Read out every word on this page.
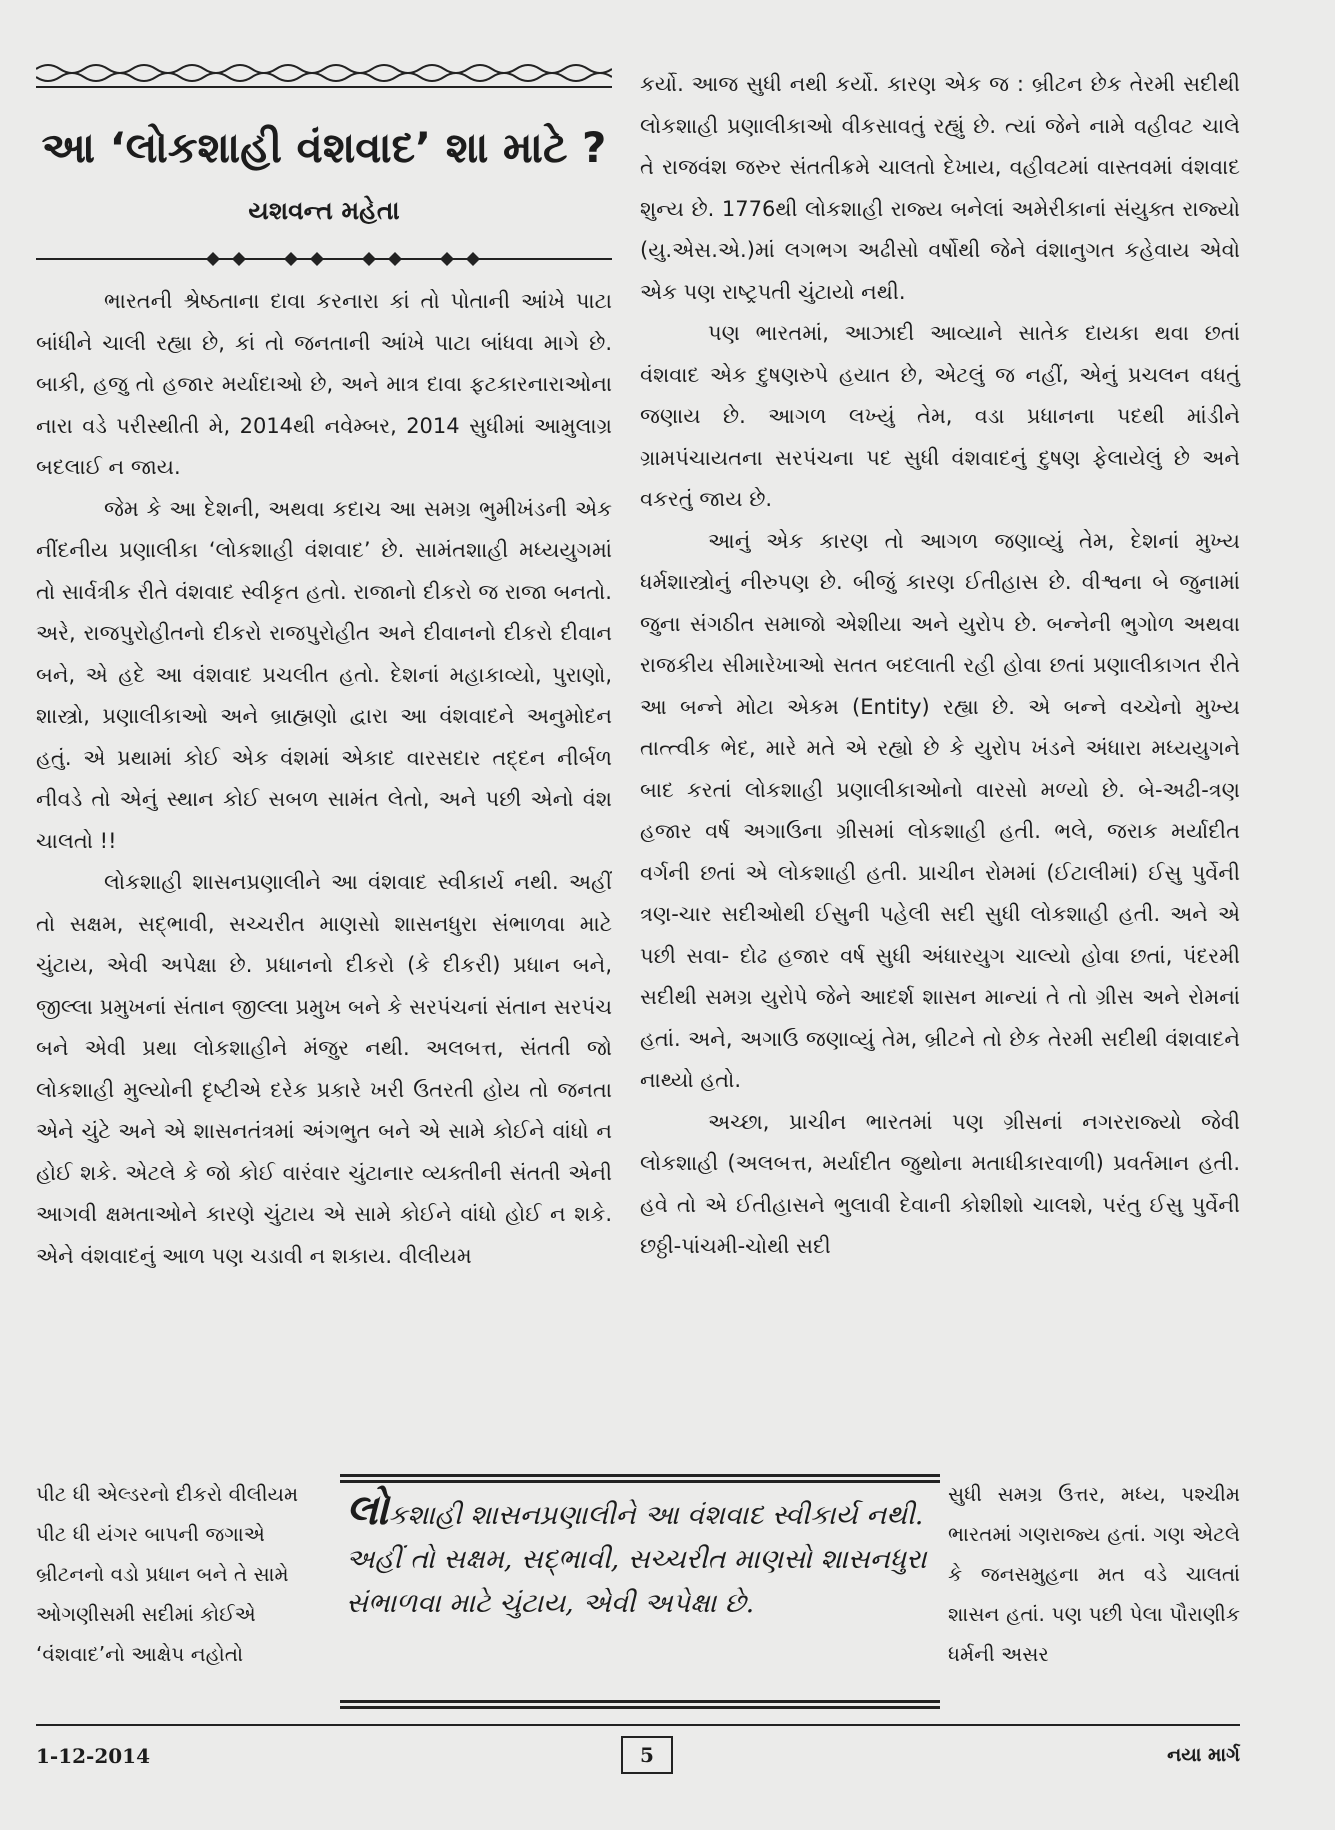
આ ‘લોકશાહી વંશવાદ’ શા માટે ?

યશવન્ત મહેતા

ભારતની શ્રેષ્ઠતાના દાવા કરનારા કાં તો પોતાની આંખે પાટા બાંધીને ચાલી રહ્યા છે, કાં તો જનતાની આંખે પાટા બાંધવા માગે છે. બાકી, હજુ તો હજાર મર્યાદાઓ છે, અને માત્ર દાવા ફટકારનારાઓના નારા વડે પરીસ્થીતી મે, 2014થી નવેમ્બર, 2014 સુધીમાં આમુલાગ્ર બદલાઈ ન જાય.

જેમ કે આ દેશની, અથવા કદાચ આ સમગ્ર ભુમીખંડની એક નીંદનીય પ્રણાલીકા ‘લોકશાહી વંશવાદ’ છે. સામંતશાહી મધ્યયુગમાં તો સાર્વત્રીક રીતે વંશવાદ સ્વીકૃત હતો. રાજાનો દીકરો જ રાજા બનતો. અરે, રાજપુરોહીતનો દીકરો રાજપુરોહીત અને દીવાનનો દીકરો દીવાન બને, એ હદે આ વંશવાદ પ્રચલીત હતો. દેશનાં મહાકાવ્યો, પુરાણો, શાસ્ત્રો, પ્રણાલીકાઓ અને બ્રાહ્મણો દ્વારા આ વંશવાદને અનુમોદન હતું. એ પ્રથામાં કોઈ એક વંશમાં એકાદ વારસદાર તદ્દન નીર્બળ નીવડે તો એનું સ્થાન કોઈ સબળ સામંત લેતો, અને પછી એનો વંશ ચાલતો !!

લોકશાહી શાસનપ્રણાલીને આ વંશવાદ સ્વીકાર્ય નથી. અહીં તો સક્ષમ, સદ્ભાવી, સચ્ચરીત માણસો શાસનધુરા સંભાળવા માટે ચુંટાય, એવી અપેક્ષા છે. પ્રધાનનો દીકરો (કે દીકરી) પ્રધાન બને, જીલ્લા પ્રમુખનાં સંતાન જીલ્લા પ્રમુખ બને કે સરપંચનાં સંતાન સરપંચ બને એવી પ્રથા લોકશાહીને મંજુર નથી. અલબત્ત, સંતતી જો લોકશાહી મુલ્યોની દૃષ્ટીએ દરેક પ્રકારે ખરી ઉતરતી હોય તો જનતા એને ચુંટે અને એ શાસનતંત્રમાં અંગભુત બને એ સામે કોઈને વાંધો ન હોઈ શકે. એટલે કે જો કોઈ વારંવાર ચુંટાનાર વ્યક્તીની સંતતી એની આગવી ક્ષમતાઓને કારણે ચુંટાય એ સામે કોઈને વાંધો હોઈ ન શકે. એને વંશવાદનું આળ પણ ચડાવી ન શકાય. વીલીયમ

કર્યો. આજ સુધી નથી કર્યો. કારણ એક જ : બ્રીટન છેક તેરમી સદીથી લોકશાહી પ્રણાલીકાઓ વીકસાવતું રહ્યું છે. ત્યાં જેને નામે વહીવટ ચાલે તે રાજવંશ જરુર સંતતીક્રમે ચાલતો દેખાય, વહીવટમાં વાસ્તવમાં વંશવાદ શુન્ય છે. 1776થી લોકશાહી રાજ્ય બનેલાં અમેરીકાનાં સંયુક્ત રાજ્યો (યુ.એસ.એ.)માં લગભગ અઢીસો વર્ષોથી જેને વંશાનુગત કહેવાય એવો એક પણ રાષ્ટ્રપતી ચુંટાયો નથી.

પણ ભારતમાં, આઝાદી આવ્યાને સાતેક દાયકા થવા છતાં વંશવાદ એક દુષણરુપે હયાત છે, એટલું જ નહીં, એનું પ્રચલન વધતું જણાય છે. આગળ લખ્યું તેમ, વડા પ્રધાનના પદથી માંડીને ગ્રામપંચાયતના સરપંચના પદ સુધી વંશવાદનું દુષણ ફેલાયેલું છે અને વકરતું જાય છે.

આનું એક કારણ તો આગળ જણાવ્યું તેમ, દેશનાં મુખ્ય ધર્મશાસ્ત્રોનું નીરુપણ છે. બીજું કારણ ઈતીહાસ છે. વીશ્વના બે જુનામાં જુના સંગઠીત સમાજો એશીયા અને યુરોપ છે. બન્નેની ભુગોળ અથવા રાજકીય સીમારેખાઓ સતત બદલાતી રહી હોવા છતાં પ્રણાલીકાગત રીતે આ બન્ને મોટા એકમ (Entity) રહ્યા છે. એ બન્ને વચ્ચેનો મુખ્ય તાત્ત્વીક ભેદ, મારે મતે એ રહ્યો છે કે યુરોપ ખંડને અંધારા મધ્યયુગને બાદ કરતાં લોકશાહી પ્રણાલીકાઓનો વારસો મળ્યો છે. બે-અઢી-ત્રણ હજાર વર્ષ અગાઉના ગ્રીસમાં લોકશાહી હતી. ભલે, જરાક મર્યાદીત વર્ગની છતાં એ લોકશાહી હતી. પ્રાચીન રોમમાં (ઈટાલીમાં) ઈસુ પુર્વેની ત્રણ-ચાર સદીઓથી ઈસુની પહેલી સદી સુધી લોકશાહી હતી. અને એ પછી સવા- દોઢ હજાર વર્ષ સુધી અંધારયુગ ચાલ્યો હોવા છતાં, પંદરમી સદીથી સમગ્ર યુરોપે જેને આદર્શ શાસન માન્યાં તે તો ગ્રીસ અને રોમનાં હતાં. અને, અગાઉ જણાવ્યું તેમ, બ્રીટને તો છેક તેરમી સદીથી વંશવાદને નાથ્યો હતો.

અચ્છા, પ્રાચીન ભારતમાં પણ ગ્રીસનાં નગરરાજ્યો જેવી લોકશાહી (અલબત્ત, મર્યાદીત જુથોના મતાધીકારવાળી) પ્રવર્તમાન હતી. હવે તો એ ઈતીહાસને ભુલાવી દેવાની કોશીશો ચાલશે, પરંતુ ઈસુ પુર્વેની છઠ્ઠી-પાંચમી-ચોથી સદી

પીટ ધી એલ્ડરનો દીકરો વીલીયમ પીટ ધી યંગર બાપની જગાએ બ્રીટનનો વડો પ્રધાન બને તે સામે ઓગણીસમી સદીમાં કોઈએ ‘વંશવાદ’નો આક્ષેપ નહોતો

સુધી સમગ્ર ઉત્તર, મધ્ય, પશ્ચીમ ભારતમાં ગણરાજ્ય હતાં. ગણ એટલે કે જનસમુહના મત વડે ચાલતાં શાસન હતાં. પણ પછી પેલા પૌરાણીક ધર્મની અસર

લોકશાહી શાસનપ્રણાલીને આ વંશવાદ સ્વીકાર્ય નથી. અહીં તો સક્ષમ, સદ્ભાવી, સચ્ચરીત માણસો શાસનધુરા સંભાળવા માટે ચુંટાય, એવી અપેક્ષા છે.

1-12-2014	5	નયા માર્ગ
